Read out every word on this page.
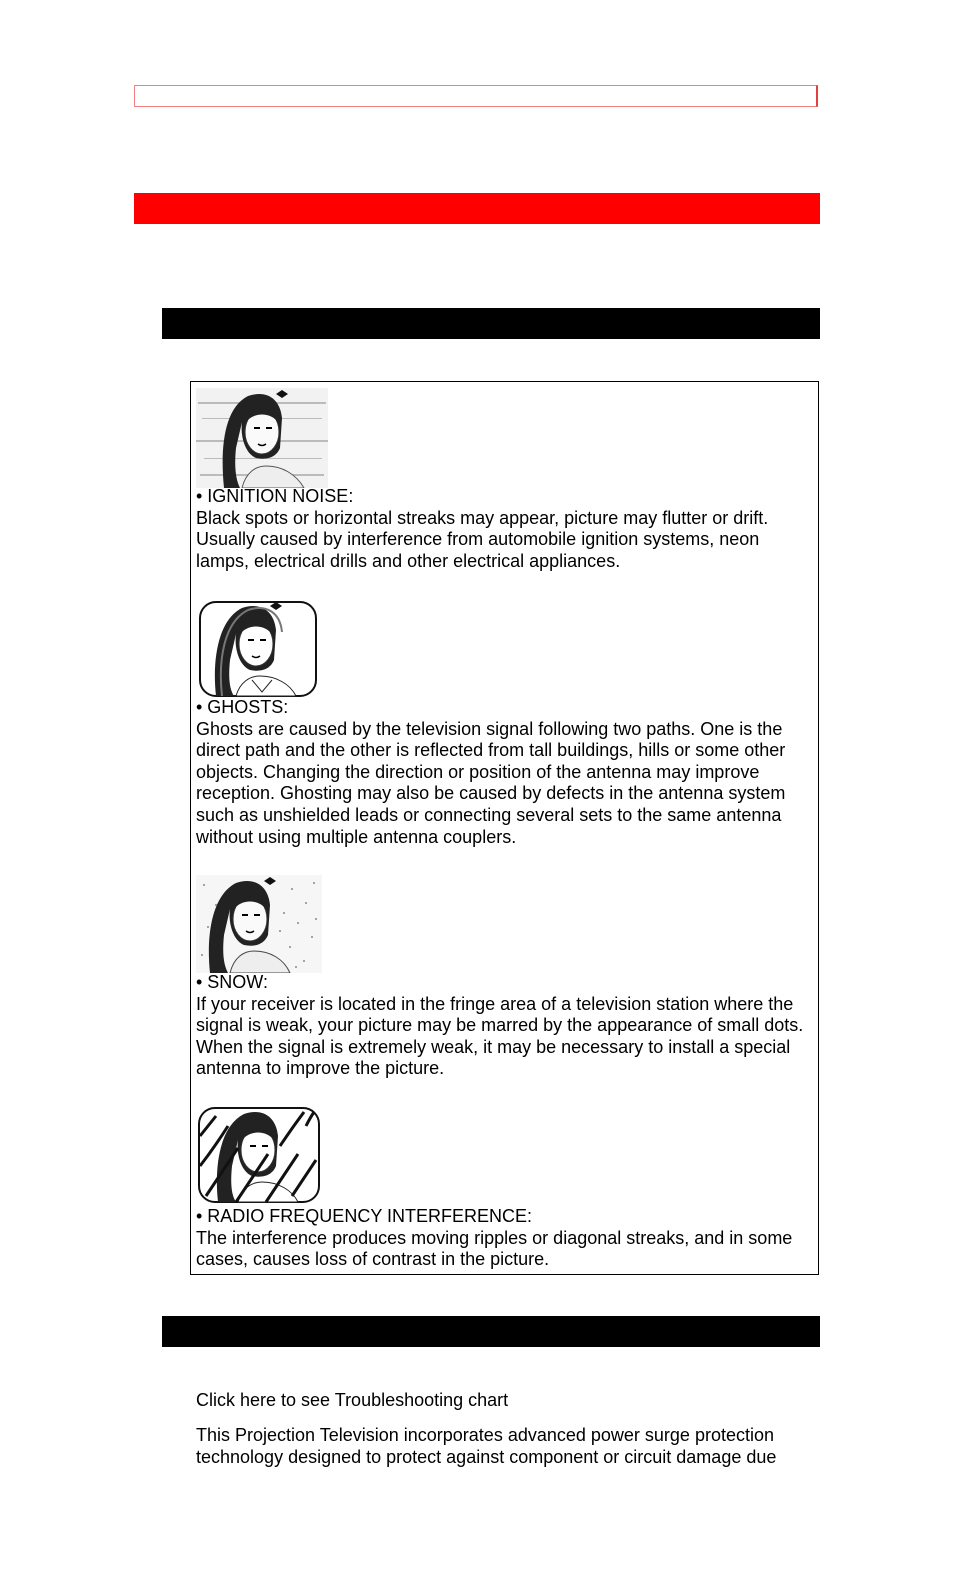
• IGNITION NOISE:
Black spots or horizontal streaks may appear, picture may flutter or drift. Usually caused by interference from automobile ignition systems, neon lamps, electrical drills and other electrical appliances.
• GHOSTS:
Ghosts are caused by the television signal following two paths. One is the direct path and the other is reflected from tall buildings, hills or some other objects. Changing the direction or position of the antenna may improve reception. Ghosting may also be caused by defects in the antenna system such as unshielded leads or connecting several sets to the same antenna without using multiple antenna couplers.
• SNOW:
If your receiver is located in the fringe area of a television station where the signal is weak, your picture may be marred by the appearance of small dots. When the signal is extremely weak, it may be necessary to install a special antenna to improve the picture.
• RADIO FREQUENCY INTERFERENCE:
The interference produces moving ripples or diagonal streaks, and in some cases, causes loss of contrast in the picture.
Click here to see Troubleshooting chart
This Projection Television incorporates advanced power surge protection technology designed to protect against component or circuit damage due
